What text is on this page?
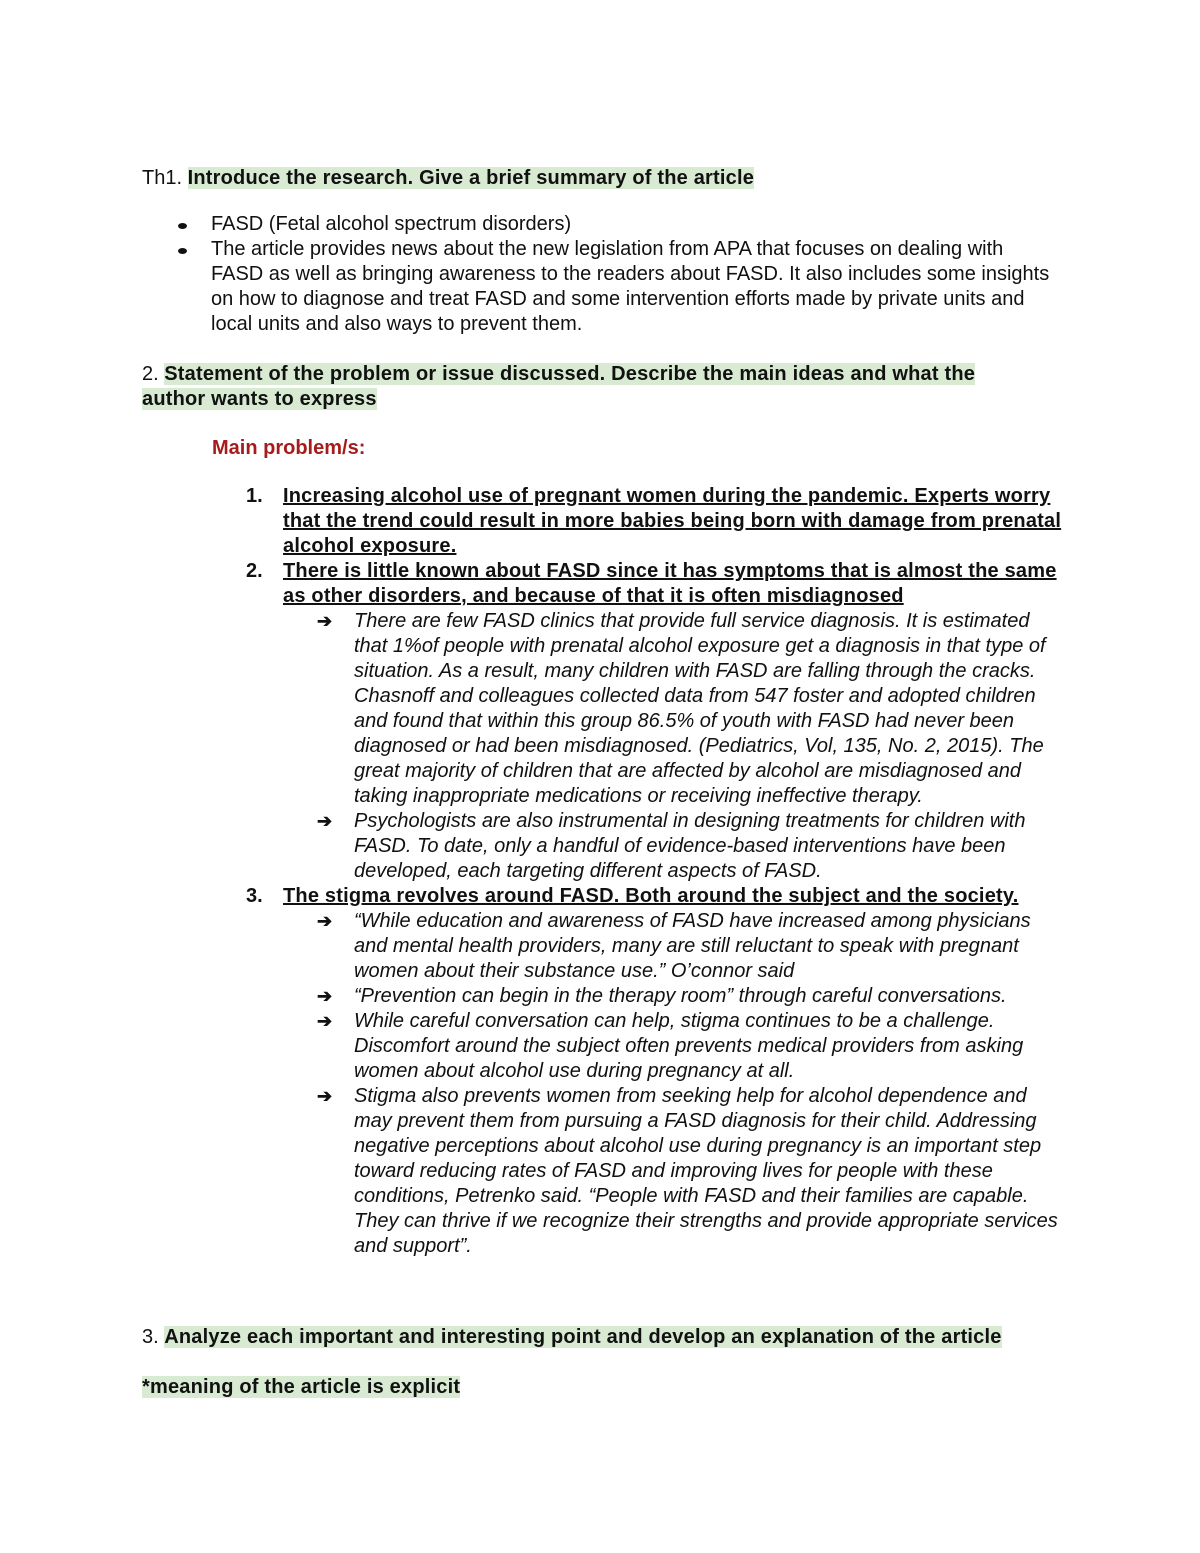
Th1. Introduce the research. Give a brief summary of the article

FASD (Fetal alcohol spectrum disorders)
The article provides news about the new legislation from APA that focuses on dealing with FASD as well as bringing awareness to the readers about FASD. It also includes some insights on how to diagnose and treat FASD and some intervention efforts made by private units and local units and also ways to prevent them.

2. Statement of the problem or issue discussed. Describe the main ideas and what the
author wants to express

Main problem/s:

1. Increasing alcohol use of pregnant women during the pandemic. Experts worry that the trend could result in more babies being born with damage from prenatal alcohol exposure.
2. There is little known about FASD since it has symptoms that is almost the same as other disorders, and because of that it is often misdiagnosed
➔ There are few FASD clinics that provide full service diagnosis. It is estimated that 1%of people with prenatal alcohol exposure get a diagnosis in that type of situation. As a result, many children with FASD are falling through the cracks. Chasnoff and colleagues collected data from 547 foster and adopted children and found that within this group 86.5% of youth with FASD had never been diagnosed or had been misdiagnosed. (Pediatrics, Vol, 135, No. 2, 2015). The great majority of children that are affected by alcohol are misdiagnosed and taking inappropriate medications or receiving ineffective therapy.
➔ Psychologists are also instrumental in designing treatments for children with FASD. To date, only a handful of evidence-based interventions have been developed, each targeting different aspects of FASD.
3. The stigma revolves around FASD. Both around the subject and the society.
➔ “While education and awareness of FASD have increased among physicians and mental health providers, many are still reluctant to speak with pregnant women about their substance use.” O’connor said
➔ “Prevention can begin in the therapy room” through careful conversations.
➔ While careful conversation can help, stigma continues to be a challenge. Discomfort around the subject often prevents medical providers from asking women about alcohol use during pregnancy at all.
➔ Stigma also prevents women from seeking help for alcohol dependence and may prevent them from pursuing a FASD diagnosis for their child. Addressing negative perceptions about alcohol use during pregnancy is an important step toward reducing rates of FASD and improving lives for people with these conditions, Petrenko said. “People with FASD and their families are capable. They can thrive if we recognize their strengths and provide appropriate services and support”.

3. Analyze each important and interesting point and develop an explanation of the article

*meaning of the article is explicit
